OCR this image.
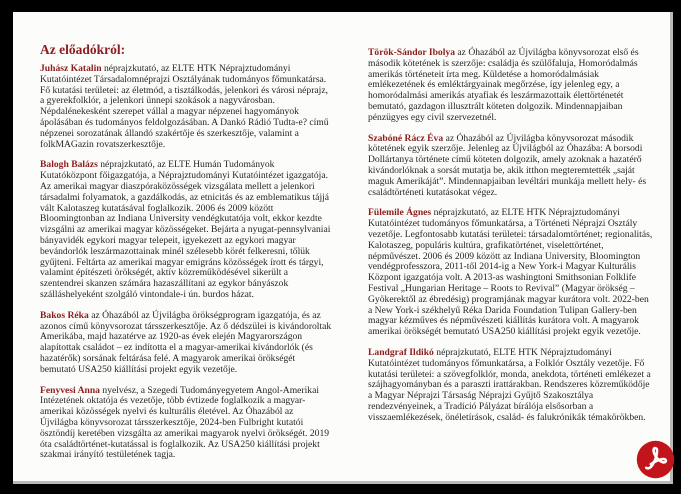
Az előadókról:

Juhász Katalin néprajzkutató, az ELTE HTK Néprajztudományi Kutatóintézet Társadalomnéprajzi Osztályának tudományos főmunkatársa. Fő kutatási területei: az életmód, a tisztálkodás, jelenkori és városi néprajz, a gyerekfolklór, a jelenkori ünnepi szokások a nagyvárosban. Népdalénekesként szerepet vállal a magyar népzenei hagyományok ápolásában és tudományos feldolgozásában. A Dankó Rádió Tudta-e? című népzenei sorozatának állandó szakértője és szerkesztője, valamint a folkMAGazin rovatszerkesztője.

Balogh Balázs néprajzkutató, az ELTE Humán Tudományok Kutatóközpont főigazgatója, a Néprajztudományi Kutatóintézet igazgatója. Az amerikai magyar diaszpóraközösségek vizsgálata mellett a jelenkori társadalmi folyamatok, a gazdálkodás, az etnicitás és az emblematikus tájjá vált Kalotaszeg kutatásával foglalkozik. 2006 és 2009 között Bloomingtonban az Indiana University vendégkutatója volt, ekkor kezdte vizsgálni az amerikai magyar közösségeket. Bejárta a nyugat-pennsylvaniai bányavidék egykori magyar telepeit, igyekezett az egykori magyar bevándorlók leszármazottainak minél szélesebb körét felkeresni, tőlük gyűjteni. Feltárta az amerikai magyar emigráns közösségek írott és tárgyi, valamint építészeti örökségét, aktív közreműködésével sikerült a szentendrei skanzen számára hazaszállítani az egykor bányászok szálláshelyeként szolgáló vintondale-i ún. burdos házat.

Bakos Réka az Óhazából az Újvilágba örökségprogram igazgatója, és az azonos című könyvsorozat társszerkesztője. Az ő dédszülei is kivándoroltak Amerikába, majd hazatérve az 1920-as évek elején Magyarországon alapítottak családot – ez indította el a magyar-amerikai kivándorlók (és hazatérők) sorsának feltárása felé. A magyarok amerikai örökségét bemutató USA250 kiállítási projekt egyik vezetője.

Fenyvesi Anna nyelvész, a Szegedi Tudományegyetem Angol-Amerikai Intézetének oktatója és vezetője, több évtizede foglalkozik a magyar-amerikai közösségek nyelvi és kulturális életével. Az Óhazából az Újvilágba könyvsorozat társszerkesztője, 2024-ben Fulbright kutatói ösztöndíj keretében vizsgálta az amerikai magyarok nyelvi örökségét. 2019 óta családtörténet-kutatással is foglalkozik. Az USA250 kiállítási projekt szakmai irányító testületének tagja.

Török-Sándor Ibolya az Óhazából az Újvilágba könyvsorozat első és második kötetének is szerzője: családja és szülőfaluja, Homoródalmás amerikás történeteit írta meg. Küldetése a homoródalmásiak emlékezetének és emléktárgyainak megőrzése, így jelenleg egy, a homoródalmási amerikás atyafiak és leszármazottaik élettörténetét bemutató, gazdagon illusztrált köteten dolgozik. Mindennapjaiban pénzügyes egy civil szervezetnél.

Szabóné Rácz Éva az Óhazából az Újvilágba könyvsorozat második kötetének egyik szerzője. Jelenleg az Újvilágból az Óhazába: A borsodi Dollártanya története című köteten dolgozik, amely azoknak a hazatérő kivándorlóknak a sorsát mutatja be, akik itthon megteremtették „saját maguk Amerikáját”. Mindennapjaiban levéltári munkája mellett hely- és családtörténeti kutatásokat végez.

Fülemile Ágnes néprajzkutató, az ELTE HTK Néprajztudományi Kutatóintézet tudományos főmunkatársa, a Történeti Néprajzi Osztály vezetője. Legfontosabb kutatási területei: társadalomtörténet; regionalitás, Kalotaszeg, populáris kultúra, grafikatörténet, viselettörténet, népművészet. 2006 és 2009 között az Indiana University, Bloomington vendégprofesszora, 2011-től 2014-ig a New York-i Magyar Kulturális Központ igazgatója volt. A 2013-as washingtoni Smithsonian Folklife Festival „Hungarian Heritage – Roots to Revival” (Magyar örökség – Gyökerektől az ébredésig) programjának magyar kurátora volt. 2022-ben a New York-i székhelyű Réka Darida Foundation Tulipan Gallery-ben magyar kézműves és népművészeti kiállítás kurátora volt. A magyarok amerikai örökségét bemutató USA250 kiállítási projekt egyik vezetője.

Landgraf Ildikó néprajzkutató, ELTE HTK Néprajztudományi Kutatóintézet tudományos főmunkatársa, a Folklór Osztály vezetője. Fő kutatási területei: a szövegfolklór, monda, anekdota, történeti emlékezet a szájhagyományban és a paraszti irattárakban. Rendszeres közreműködője a Magyar Néprajzi Társaság Néprajzi Gyűjtő Szakosztálya rendezvényeinek, a Tradíció Pályázat bírálója elsősorban a visszaemlékezések, önéletírások, család- és falukrónikák témakörökben.
